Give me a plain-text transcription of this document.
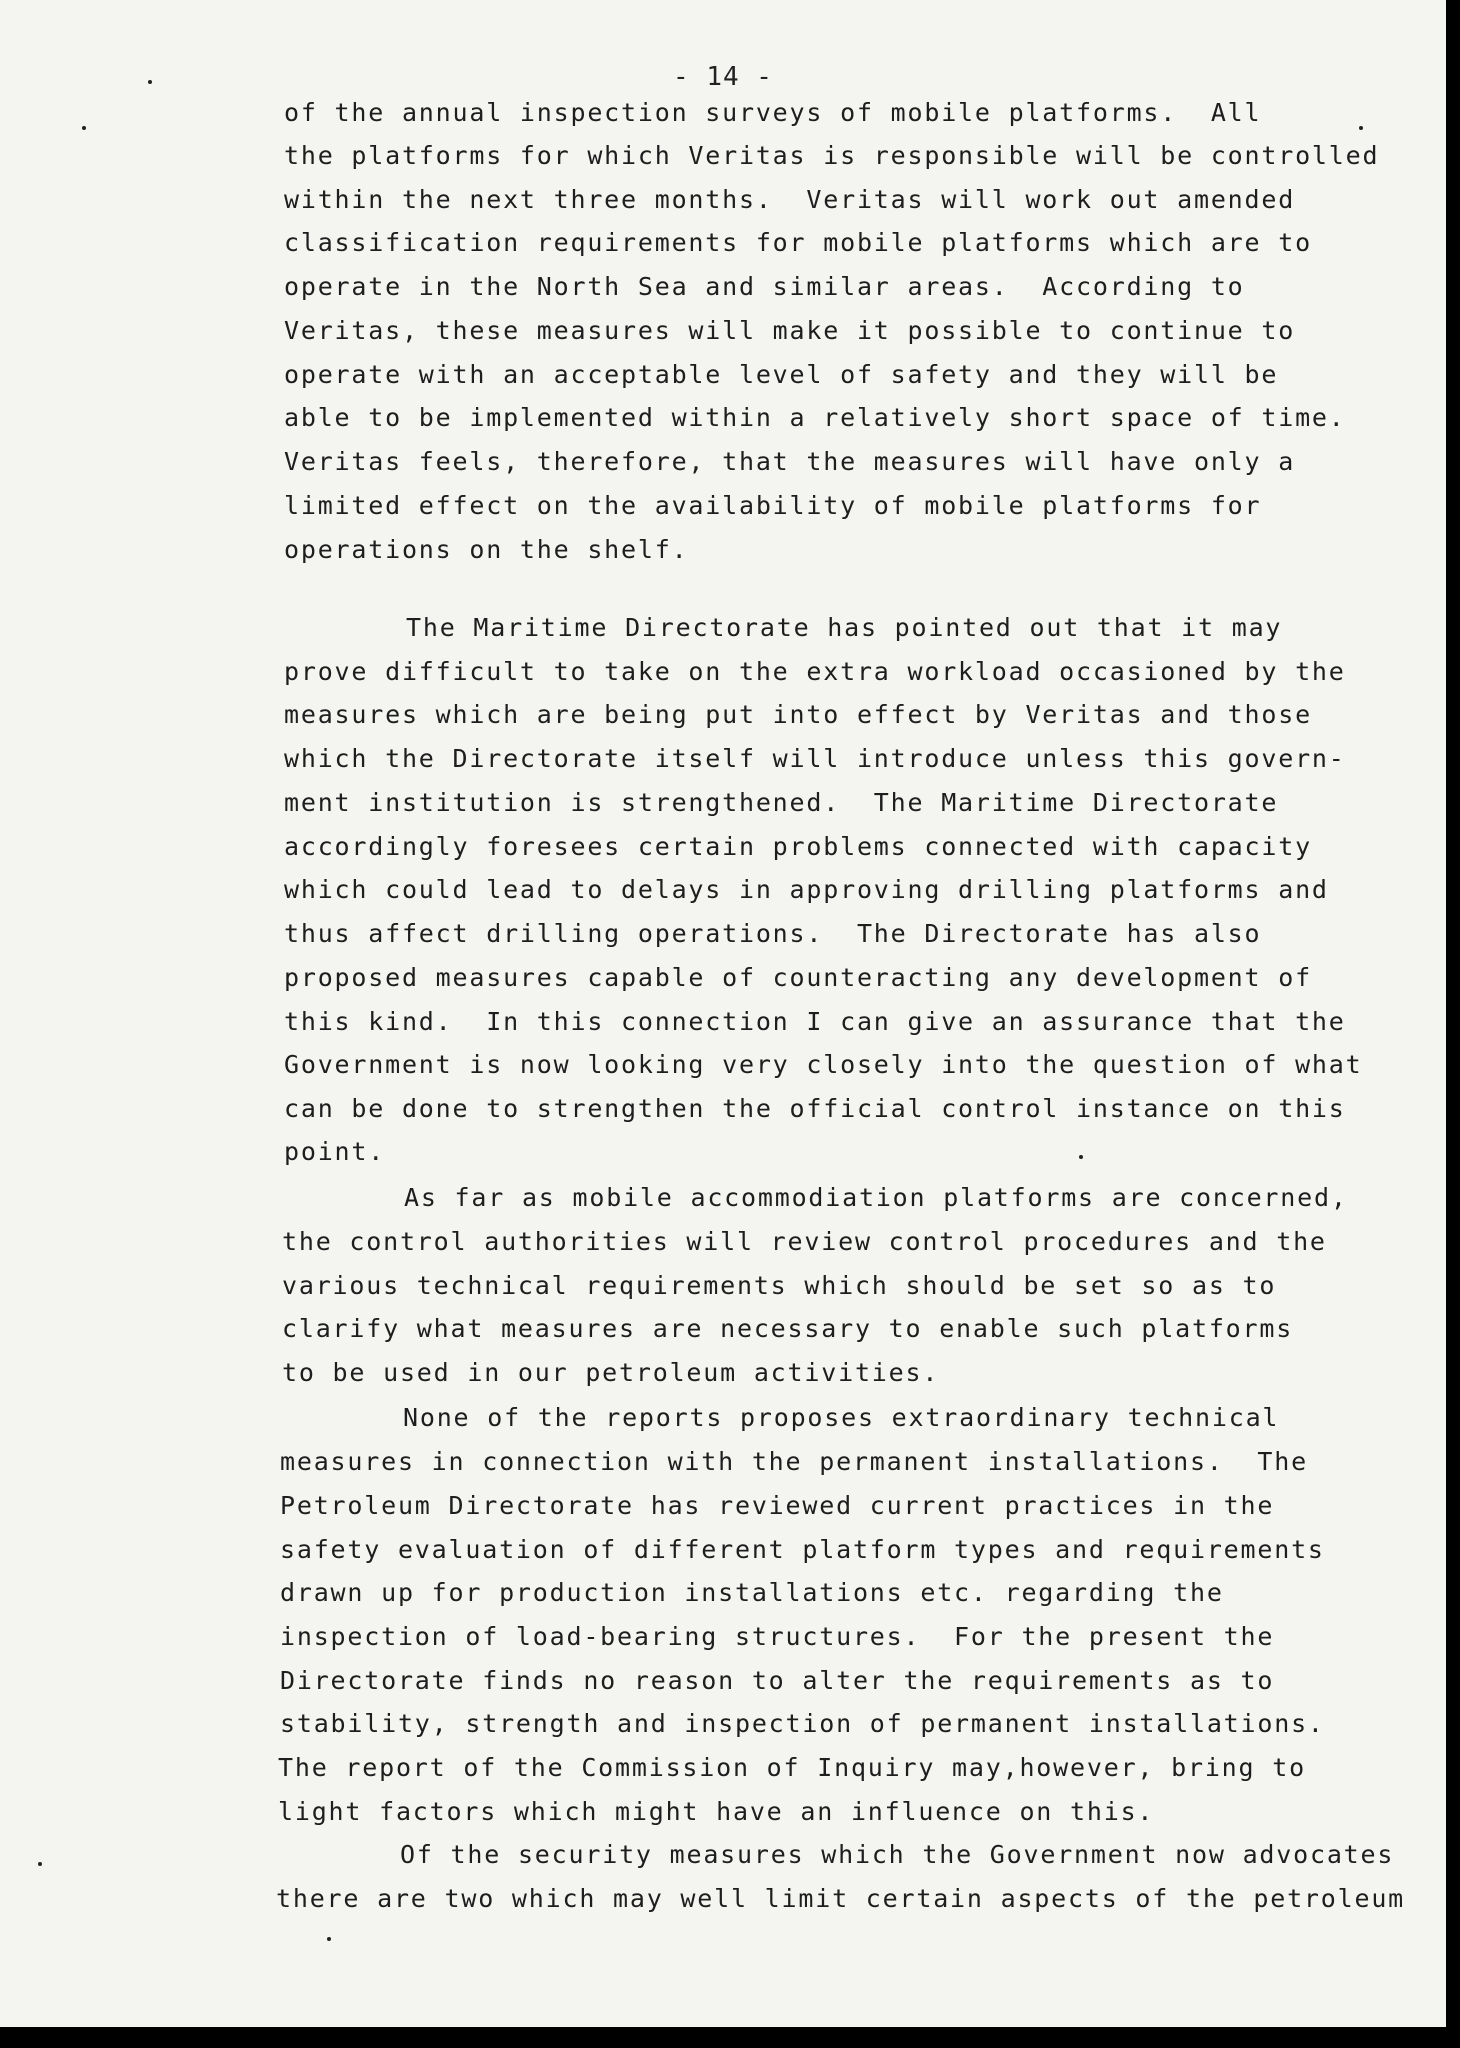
- 14 -
of the annual inspection surveys of mobile platforms.  All
the platforms for which Veritas is responsible will be controlled
within the next three months.  Veritas will work out amended
classification requirements for mobile platforms which are to
operate in the North Sea and similar areas.  According to
Veritas, these measures will make it possible to continue to
operate with an acceptable level of safety and they will be
able to be implemented within a relatively short space of time.
Veritas feels, therefore, that the measures will have only a
limited effect on the availability of mobile platforms for
operations on the shelf.
The Maritime Directorate has pointed out that it may
prove difficult to take on the extra workload occasioned by the
measures which are being put into effect by Veritas and those
which the Directorate itself will introduce unless this govern-
ment institution is strengthened.  The Maritime Directorate
accordingly foresees certain problems connected with capacity
which could lead to delays in approving drilling platforms and
thus affect drilling operations.  The Directorate has also
proposed measures capable of counteracting any development of
this kind.  In this connection I can give an assurance that the
Government is now looking very closely into the question of what
can be done to strengthen the official control instance on this
point.
As far as mobile accommodiation platforms are concerned,
the control authorities will review control procedures and the
various technical requirements which should be set so as to
clarify what measures are necessary to enable such platforms
to be used in our petroleum activities.
None of the reports proposes extraordinary technical
measures in connection with the permanent installations.  The
Petroleum Directorate has reviewed current practices in the
safety evaluation of different platform types and requirements
drawn up for production installations etc. regarding the
inspection of load-bearing structures.  For the present the
Directorate finds no reason to alter the requirements as to
stability, strength and inspection of permanent installations.
The report of the Commission of Inquiry may,however, bring to
light factors which might have an influence on this.
Of the security measures which the Government now advocates
there are two which may well limit certain aspects of the petroleum
